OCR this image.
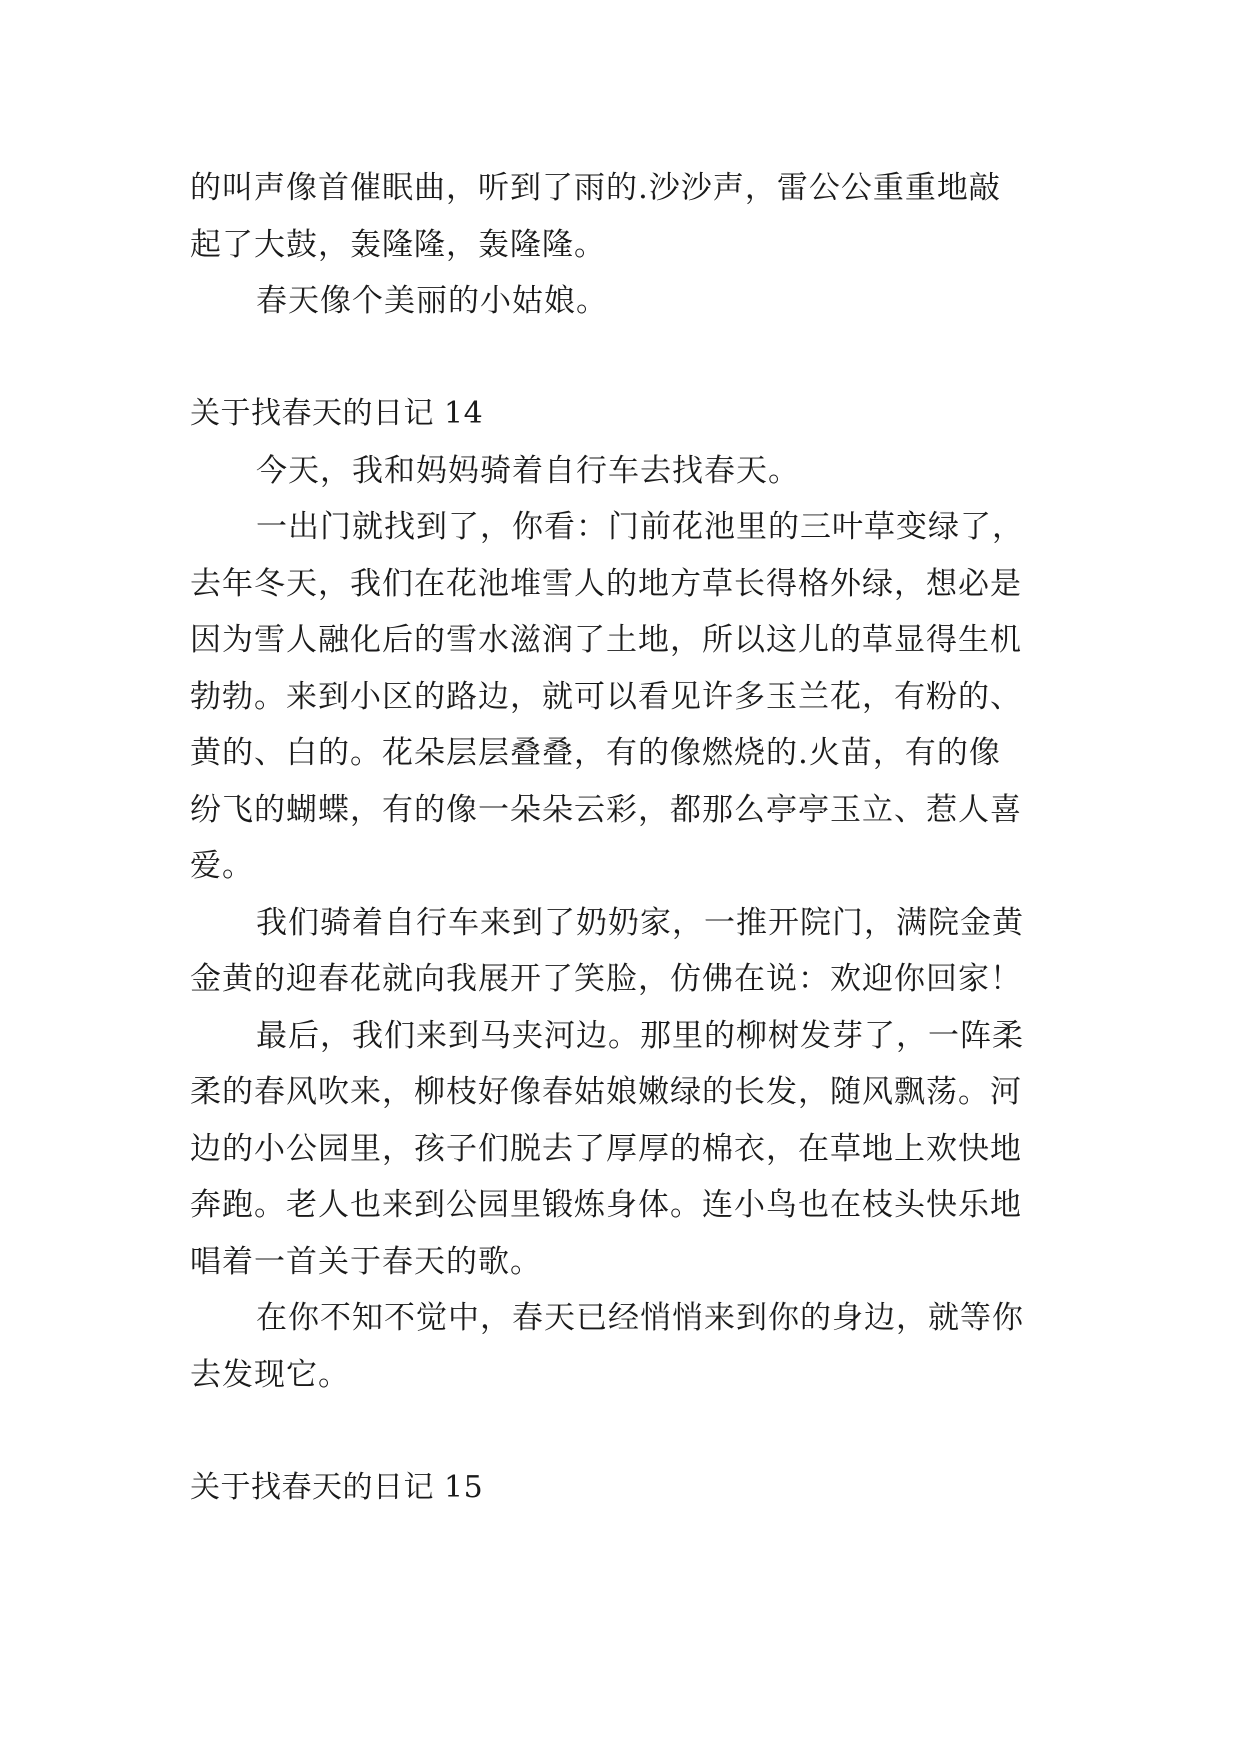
的叫声像首催眠曲，听到了雨的.沙沙声，雷公公重重地敲
起了大鼓，轰隆隆，轰隆隆。
春天像个美丽的小姑娘。
关于找春天的日记 14
今天，我和妈妈骑着自行车去找春天。
一出门就找到了，你看：门前花池里的三叶草变绿了，
去年冬天，我们在花池堆雪人的地方草长得格外绿，想必是
因为雪人融化后的雪水滋润了土地，所以这儿的草显得生机
勃勃。来到小区的路边，就可以看见许多玉兰花，有粉的、
黄的、白的。花朵层层叠叠，有的像燃烧的.火苗，有的像
纷飞的蝴蝶，有的像一朵朵云彩，都那么亭亭玉立、惹人喜
爱。
我们骑着自行车来到了奶奶家，一推开院门，满院金黄
金黄的迎春花就向我展开了笑脸，仿佛在说：欢迎你回家！
最后，我们来到马夹河边。那里的柳树发芽了，一阵柔
柔的春风吹来，柳枝好像春姑娘嫩绿的长发，随风飘荡。河
边的小公园里，孩子们脱去了厚厚的棉衣，在草地上欢快地
奔跑。老人也来到公园里锻炼身体。连小鸟也在枝头快乐地
唱着一首关于春天的歌。
在你不知不觉中，春天已经悄悄来到你的身边，就等你
去发现它。
关于找春天的日记 15
